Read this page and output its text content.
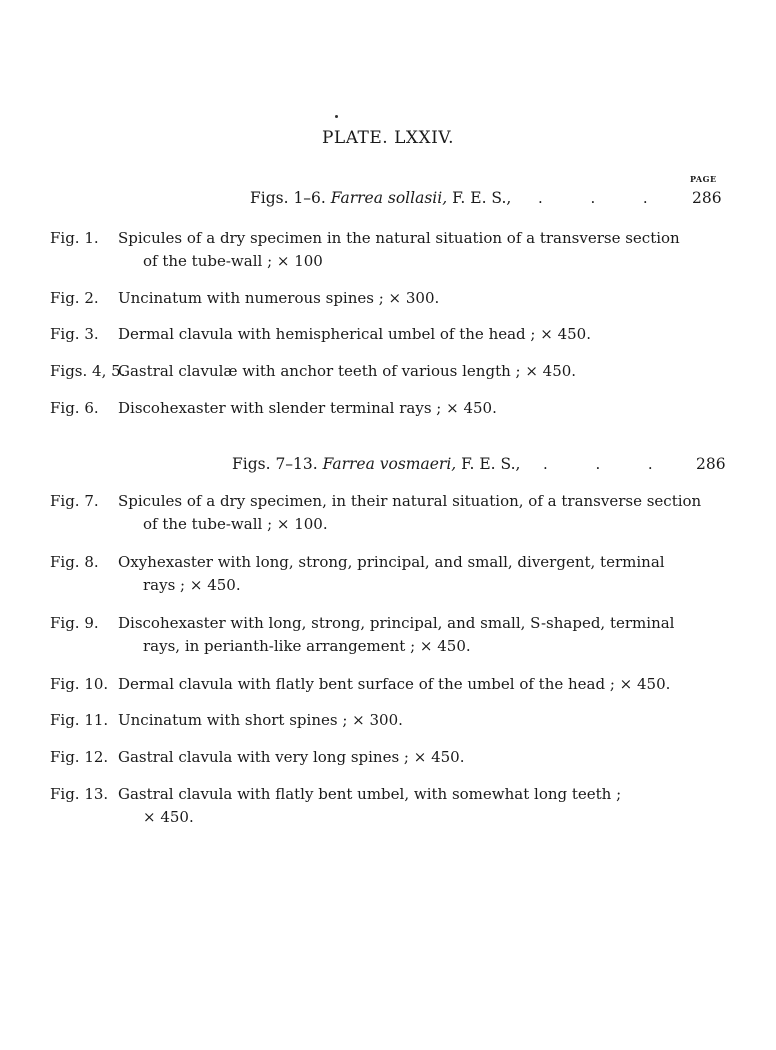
PLATE. LXXIV.
PAGE
Figs. 1–6. Farrea sollasii, F. E. S., .          .          .	286
Fig. 1. Spicules of a dry specimen in the natural situation of a transverse section
of the tube-wall ; × 100
Fig. 2. Uncinatum with numerous spines ; × 300.
Fig. 3. Dermal clavula with hemispherical umbel of the head ; × 450.
Figs. 4, 5.Gastral clavulæ with anchor teeth of various length ; × 450.
Fig. 6. Discohexaster with slender terminal rays ; × 450.
Figs. 7–13. Farrea vosmaeri, F. E. S., .          .          .	286
Fig. 7. Spicules of a dry specimen, in their natural situation, of a transverse section
of the tube-wall ; × 100.
Fig. 8. Oxyhexaster with long, strong, principal, and small, divergent, terminal
rays ; × 450.
Fig. 9. Discohexaster with long, strong, principal, and small, S-shaped, terminal
rays, in perianth-like arrangement ; × 450.
Fig. 10. Dermal clavula with flatly bent surface of the umbel of the head ; × 450.
Fig. 11. Uncinatum with short spines ; × 300.
Fig. 12. Gastral clavula with very long spines ; × 450.
Fig. 13. Gastral clavula with flatly bent umbel, with somewhat long teeth ;
× 450.
